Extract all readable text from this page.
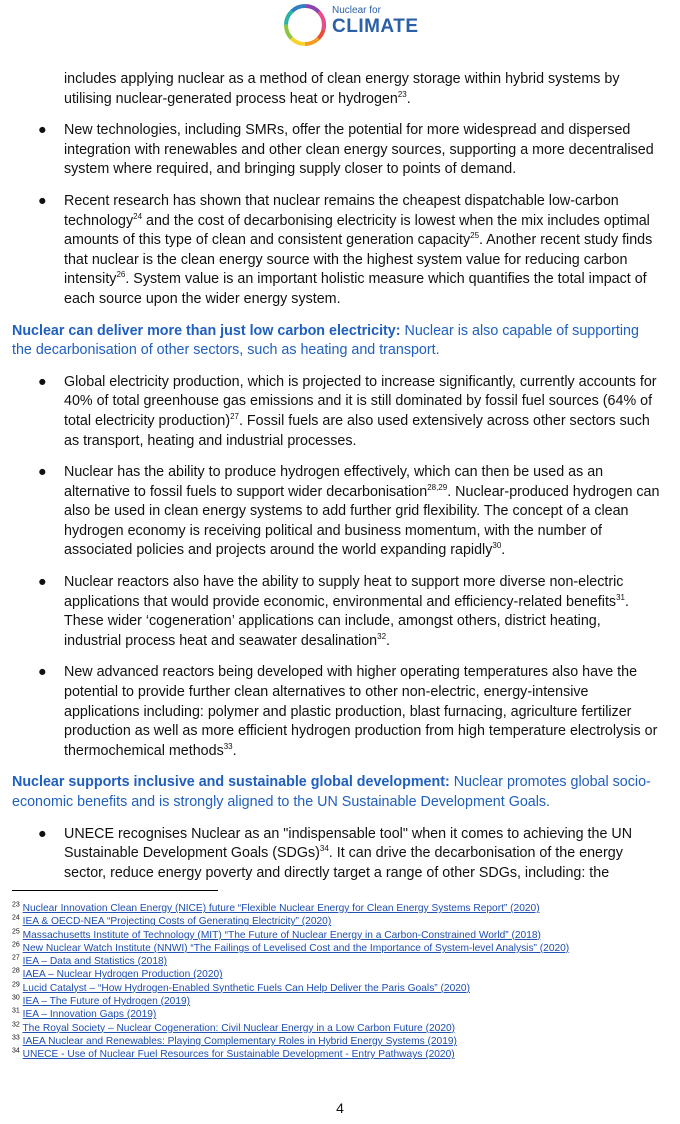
Nuclear for
CLIMATE

includes applying nuclear as a method of clean energy storage within hybrid systems by utilising nuclear-generated process heat or hydrogen$^{23}$.

● New technologies, including SMRs, offer the potential for more widespread and dispersed integration with renewables and other clean energy sources, supporting a more decentralised system where required, and bringing supply closer to points of demand.

● Recent research has shown that nuclear remains the cheapest dispatchable low-carbon technology$^{24}$ and the cost of decarbonising electricity is lowest when the mix includes optimal amounts of this type of clean and consistent generation capacity$^{25}$. Another recent study finds that nuclear is the clean energy source with the highest system value for reducing carbon intensity$^{26}$. System value is an important holistic measure which quantifies the total impact of each source upon the wider energy system.

Nuclear can deliver more than just low carbon electricity: Nuclear is also capable of supporting the decarbonisation of other sectors, such as heating and transport.

● Global electricity production, which is projected to increase significantly, currently accounts for 40% of total greenhouse gas emissions and it is still dominated by fossil fuel sources (64% of total electricity production)$^{27}$. Fossil fuels are also used extensively across other sectors such as transport, heating and industrial processes.

● Nuclear has the ability to produce hydrogen effectively, which can then be used as an alternative to fossil fuels to support wider decarbonisation$^{28,29}$. Nuclear-produced hydrogen can also be used in clean energy systems to add further grid flexibility. The concept of a clean hydrogen economy is receiving political and business momentum, with the number of associated policies and projects around the world expanding rapidly$^{30}$.

● Nuclear reactors also have the ability to supply heat to support more diverse non-electric applications that would provide economic, environmental and efficiency-related benefits$^{31}$. These wider ‘cogeneration’ applications can include, amongst others, district heating, industrial process heat and seawater desalination$^{32}$.

● New advanced reactors being developed with higher operating temperatures also have the potential to provide further clean alternatives to other non-electric, energy-intensive applications including: polymer and plastic production, blast furnacing, agriculture fertilizer production as well as more efficient hydrogen production from high temperature electrolysis or thermochemical methods$^{33}$.

Nuclear supports inclusive and sustainable global development: Nuclear promotes global socio-economic benefits and is strongly aligned to the UN Sustainable Development Goals.

● UNECE recognises Nuclear as an "indispensable tool" when it comes to achieving the UN Sustainable Development Goals (SDGs)$^{34}$. It can drive the decarbonisation of the energy sector, reduce energy poverty and directly target a range of other SDGs, including: the

$^{23}$ Nuclear Innovation Clean Energy (NICE) future “Flexible Nuclear Energy for Clean Energy Systems Report” (2020)
$^{24}$ IEA & OECD-NEA “Projecting Costs of Generating Electricity” (2020)
$^{25}$ Massachusetts Institute of Technology (MIT) “The Future of Nuclear Energy in a Carbon-Constrained World” (2018)
$^{26}$ New Nuclear Watch Institute (NNWI) “The Failings of Levelised Cost and the Importance of System-level Analysis” (2020)
$^{27}$ IEA – Data and Statistics (2018)
$^{28}$ IAEA – Nuclear Hydrogen Production (2020)
$^{29}$ Lucid Catalyst – “How Hydrogen-Enabled Synthetic Fuels Can Help Deliver the Paris Goals” (2020)
$^{30}$ IEA – The Future of Hydrogen (2019)
$^{31}$ IEA – Innovation Gaps (2019)
$^{32}$ The Royal Society – Nuclear Cogeneration: Civil Nuclear Energy in a Low Carbon Future (2020)
$^{33}$ IAEA Nuclear and Renewables: Playing Complementary Roles in Hybrid Energy Systems (2019)
$^{34}$ UNECE - Use of Nuclear Fuel Resources for Sustainable Development - Entry Pathways (2020)
4
